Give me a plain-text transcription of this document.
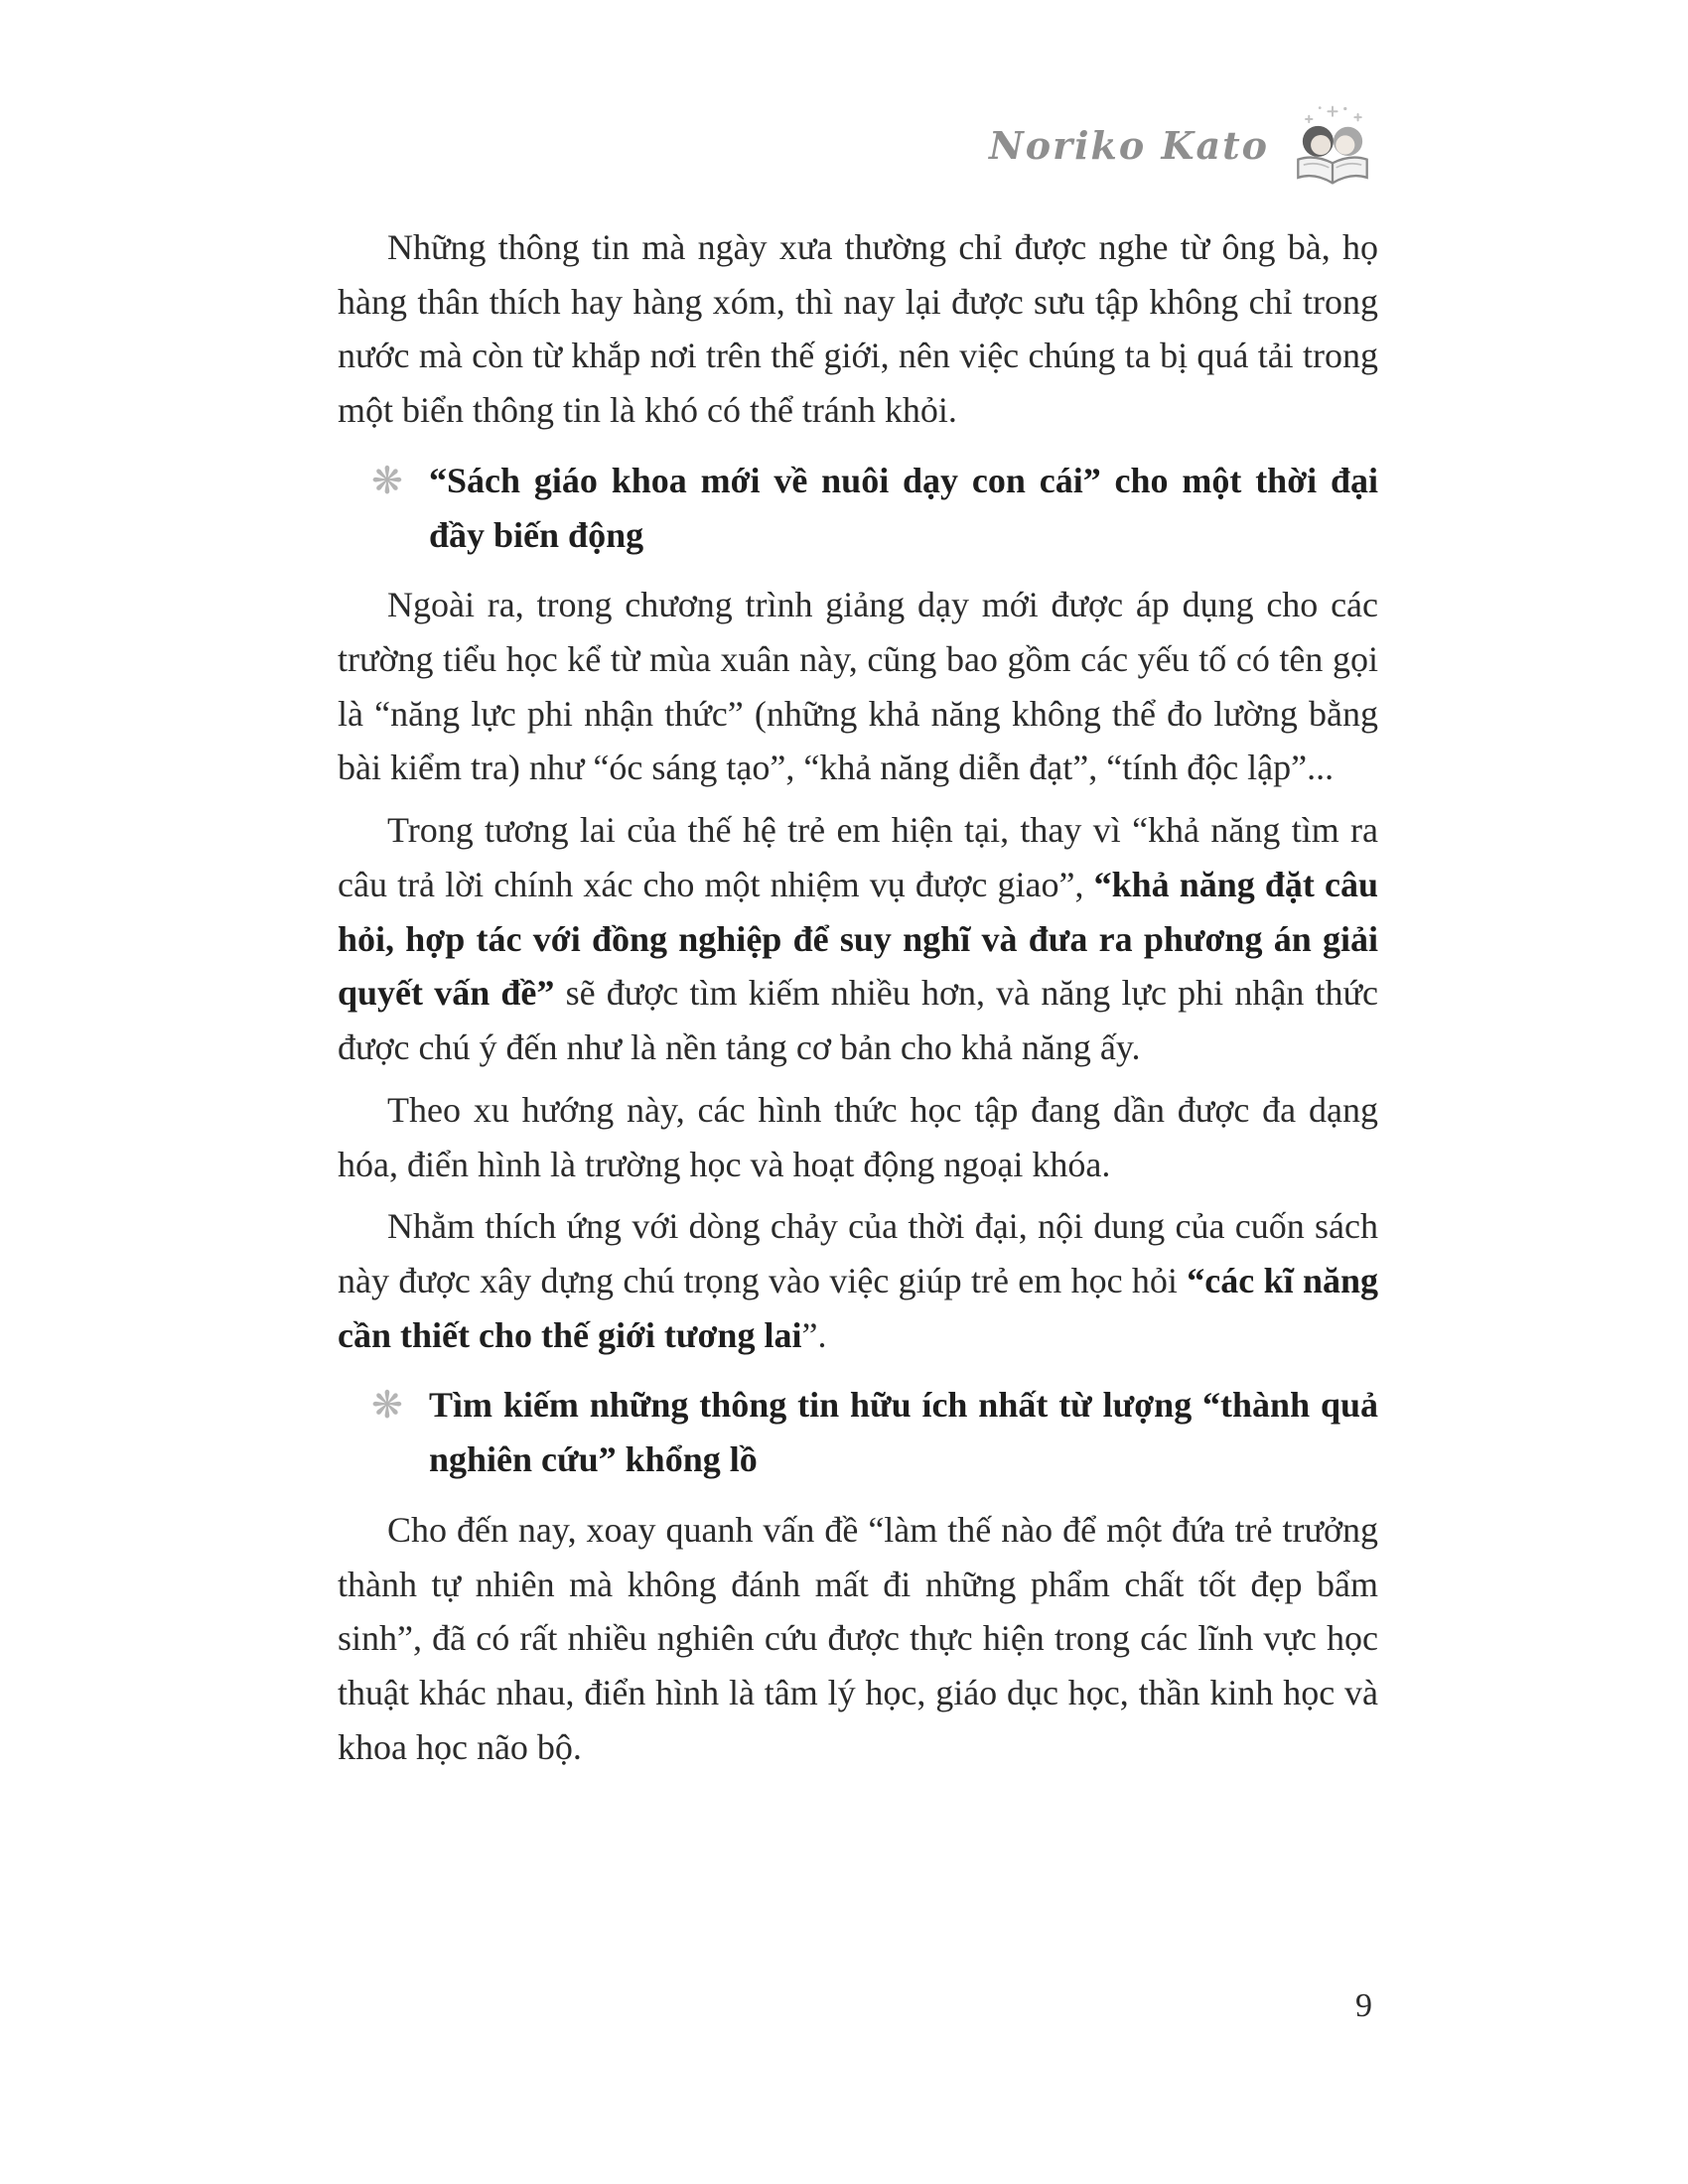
Noriko Kato
Những thông tin mà ngày xưa thường chỉ được nghe từ ông bà, họ hàng thân thích hay hàng xóm, thì nay lại được sưu tập không chỉ trong nước mà còn từ khắp nơi trên thế giới, nên việc chúng ta bị quá tải trong một biển thông tin là khó có thể tránh khỏi.
❋ “Sách giáo khoa mới về nuôi dạy con cái” cho một thời đại đầy biến động
Ngoài ra, trong chương trình giảng dạy mới được áp dụng cho các trường tiểu học kể từ mùa xuân này, cũng bao gồm các yếu tố có tên gọi là “năng lực phi nhận thức” (những khả năng không thể đo lường bằng bài kiểm tra) như “óc sáng tạo”, “khả năng diễn đạt”, “tính độc lập”...
Trong tương lai của thế hệ trẻ em hiện tại, thay vì “khả năng tìm ra câu trả lời chính xác cho một nhiệm vụ được giao”, “khả năng đặt câu hỏi, hợp tác với đồng nghiệp để suy nghĩ và đưa ra phương án giải quyết vấn đề” sẽ được tìm kiếm nhiều hơn, và năng lực phi nhận thức được chú ý đến như là nền tảng cơ bản cho khả năng ấy.
Theo xu hướng này, các hình thức học tập đang dần được đa dạng hóa, điển hình là trường học và hoạt động ngoại khóa.
Nhằm thích ứng với dòng chảy của thời đại, nội dung của cuốn sách này được xây dựng chú trọng vào việc giúp trẻ em học hỏi “các kĩ năng cần thiết cho thế giới tương lai”.
❋ Tìm kiếm những thông tin hữu ích nhất từ lượng “thành quả nghiên cứu” khổng lồ
Cho đến nay, xoay quanh vấn đề “làm thế nào để một đứa trẻ trưởng thành tự nhiên mà không đánh mất đi những phẩm chất tốt đẹp bẩm sinh”, đã có rất nhiều nghiên cứu được thực hiện trong các lĩnh vực học thuật khác nhau, điển hình là tâm lý học, giáo dục học, thần kinh học và khoa học não bộ.
9
